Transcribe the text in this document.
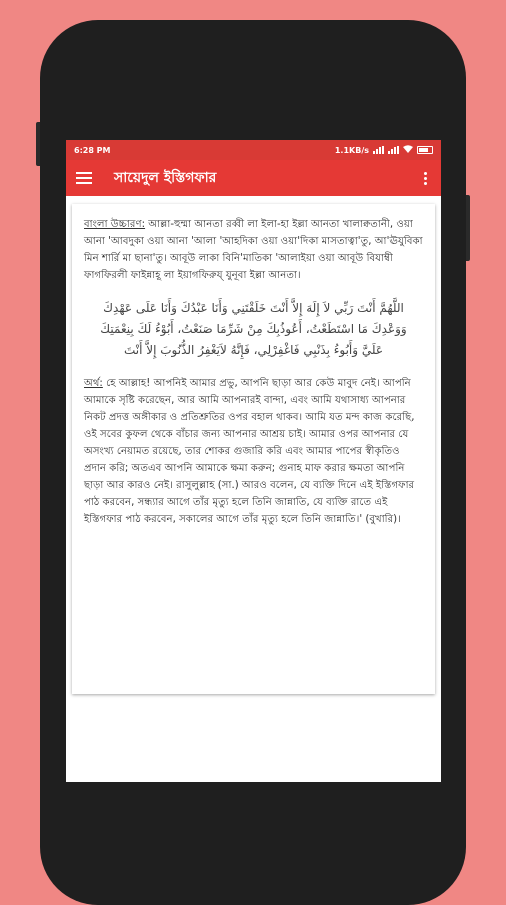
6:28 PM	1.1KB/s
সায়েদুল ইস্তিগফার

বাংলা উচ্চারণ: আল্লা-হুম্মা আনতা রব্বী লা ইলা-হা ইল্লা আনতা খালাক্বতানী, ওয়া আনা 'আবদুকা ওয়া আনা 'আলা 'আহদিকা ওয়া ওয়া'দিকা মাসতাত্বা'তু, আ'ঊযুবিকা মিন শার্রি মা ছানা'তু। আবূউ লাকা বিনি'মাতিকা 'আলাইয়া ওয়া আবূউ বিযাম্বী ফাগফিরলী ফাইন্নাহূ লা ইয়াগফিরুয্ যুনূবা ইল্লা আনতা।

اللَّهُمَّ أَنْتَ رَبِّي لاَ إِلَهَ إِلاَّ أَنْتَ خَلَقْتَنِي وَأَنَا عَبْدُكَ وَأَنَا عَلَى عَهْدِكَ وَوَعْدِكَ مَا اسْتَطَعْتُ، أَعُوذُبِكَ مِنْ شَرِّمَا صَنَعْتُ، أَبُوْءُ لَكَ بِنِعْمَتِكَ عَلَيَّ وَأَبُوءُ بِذَنْبِي فَاغْفِرْلِي، فَإِنَّهُ لاَيَغْفِرُ الذُّنُوبَ إِلاَّ أَنْتَ

অর্থ: হে আল্লাহ! আপনিই আমার প্রভু, আপনি ছাড়া আর কেউ মাবুদ নেই। আপনি আমাকে সৃষ্টি করেছেন, আর আমি আপনারই বান্দা, এবং আমি যথাসাধ্য আপনার নিকট প্রদত্ত অঙ্গীকার ও প্রতিশ্রুতির ওপর বহাল থাকব। আমি যত মন্দ কাজ করেছি, ওই সবের কুফল থেকে বাঁচার জন্য আপনার আশ্রয় চাই। আমার ওপর আপনার যে অসংখ্য নেয়ামত রয়েছে, তার শোকর গুজারি করি এবং আমার পাপের স্বীকৃতিও প্রদান করি; অতএব আপনি আমাকে ক্ষমা করুন; গুনাহ মাফ করার ক্ষমতা আপনি ছাড়া আর কারও নেই। রাসুলুল্লাহ (সা.) আরও বলেন, যে ব্যক্তি দিনে এই ইস্তিগফার পাঠ করবেন, সন্ধ্যার আগে তাঁর মৃত্যু হলে তিনি জান্নাতি, যে ব্যক্তি রাতে এই ইস্তিগফার পাঠ করবেন, সকালের আগে তাঁর মৃত্যু হলে তিনি জান্নাতি।' (বুখারি)।
